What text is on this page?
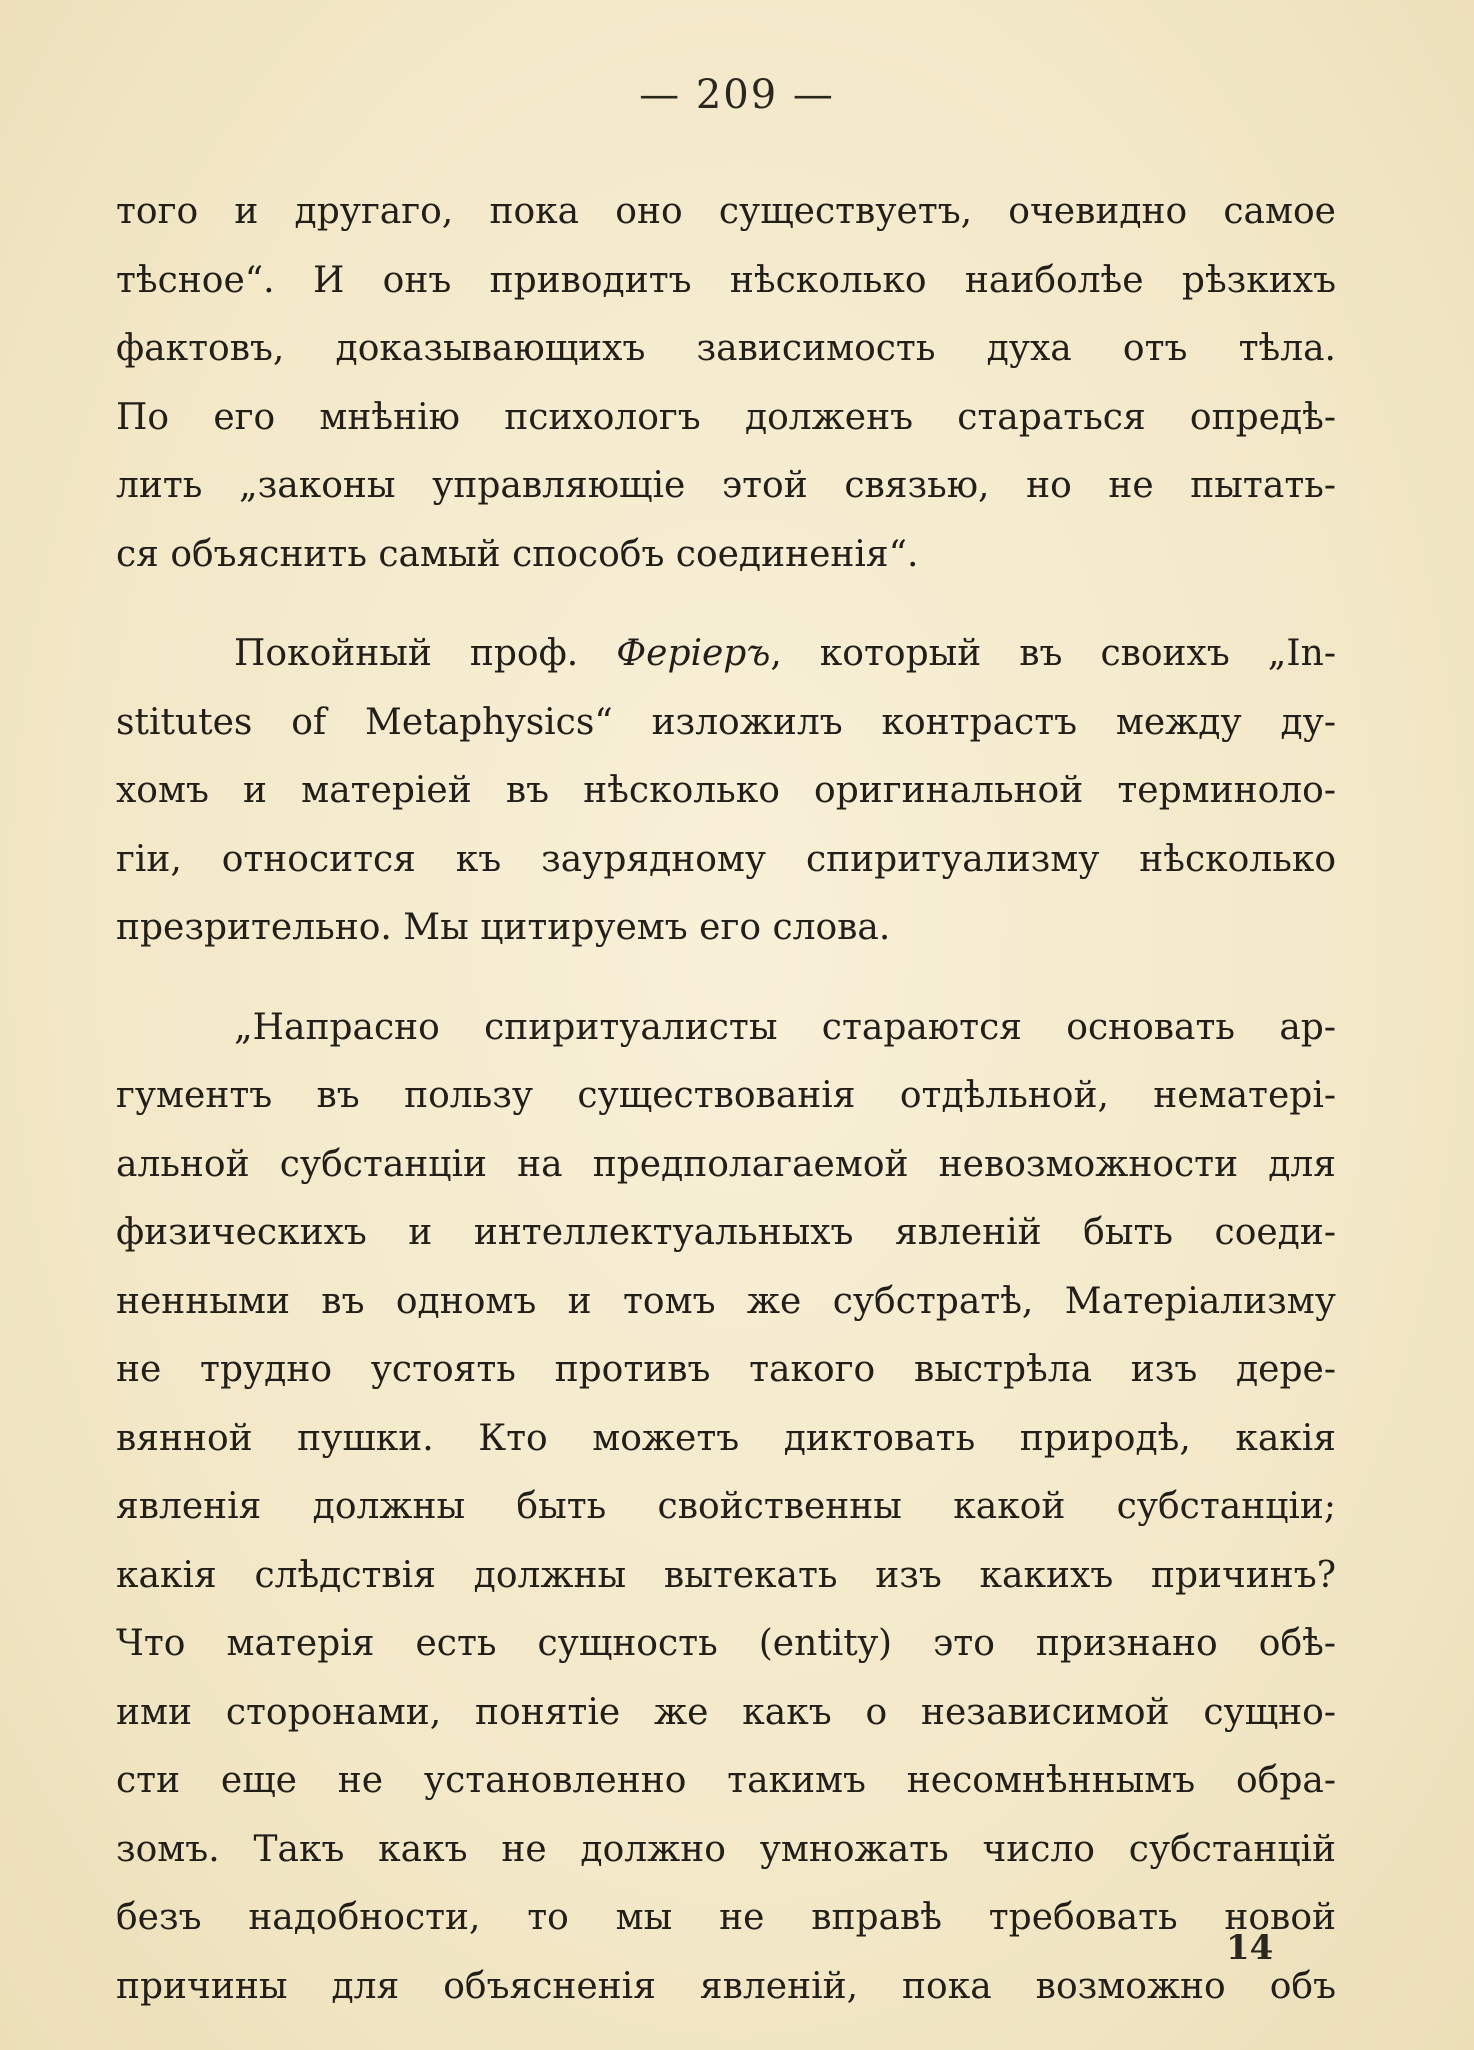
— 209 —
того и другаго, пока оно существуетъ, очевидно самое
тѣсное“. И онъ приводитъ нѣсколько наиболѣе рѣзкихъ
фактовъ, доказывающихъ зависимость духа отъ тѣла.
По его мнѣнію психологъ долженъ стараться опредѣ-
лить „законы управляющіе этой связью, но не пытать-
ся объяснить самый способъ соединенія“.
Покойный проф. Феріеръ, который въ своихъ „In-
stitutes of Metaphysics“ изложилъ контрастъ между ду-
хомъ и матеріей въ нѣсколько оригинальной терминоло-
гіи, относится къ заурядному спиритуализму нѣсколько
презрительно. Мы цитируемъ его слова.
„Напрасно спиритуалисты стараются основать ар-
гументъ въ пользу существованія отдѣльной, нематері-
альной субстанціи на предполагаемой невозможности для
физическихъ и интеллектуальныхъ явленій быть соеди-
ненными въ одномъ и томъ же субстратѣ, Матеріализму
не трудно устоять противъ такого выстрѣла изъ дере-
вянной пушки. Кто можетъ диктовать природѣ, какія
явленія должны быть свойственны какой субстанціи;
какія слѣдствія должны вытекать изъ какихъ причинъ?
Что матерія есть сущность (entity) это признано обѣ-
ими сторонами, понятіе же какъ о независимой сущно-
сти еще не установленно такимъ несомнѣннымъ обра-
зомъ. Такъ какъ не должно умножать число субстанцій
безъ надобности, то мы не вправѣ требовать новой
причины для объясненія явленій, пока возможно объ
14
